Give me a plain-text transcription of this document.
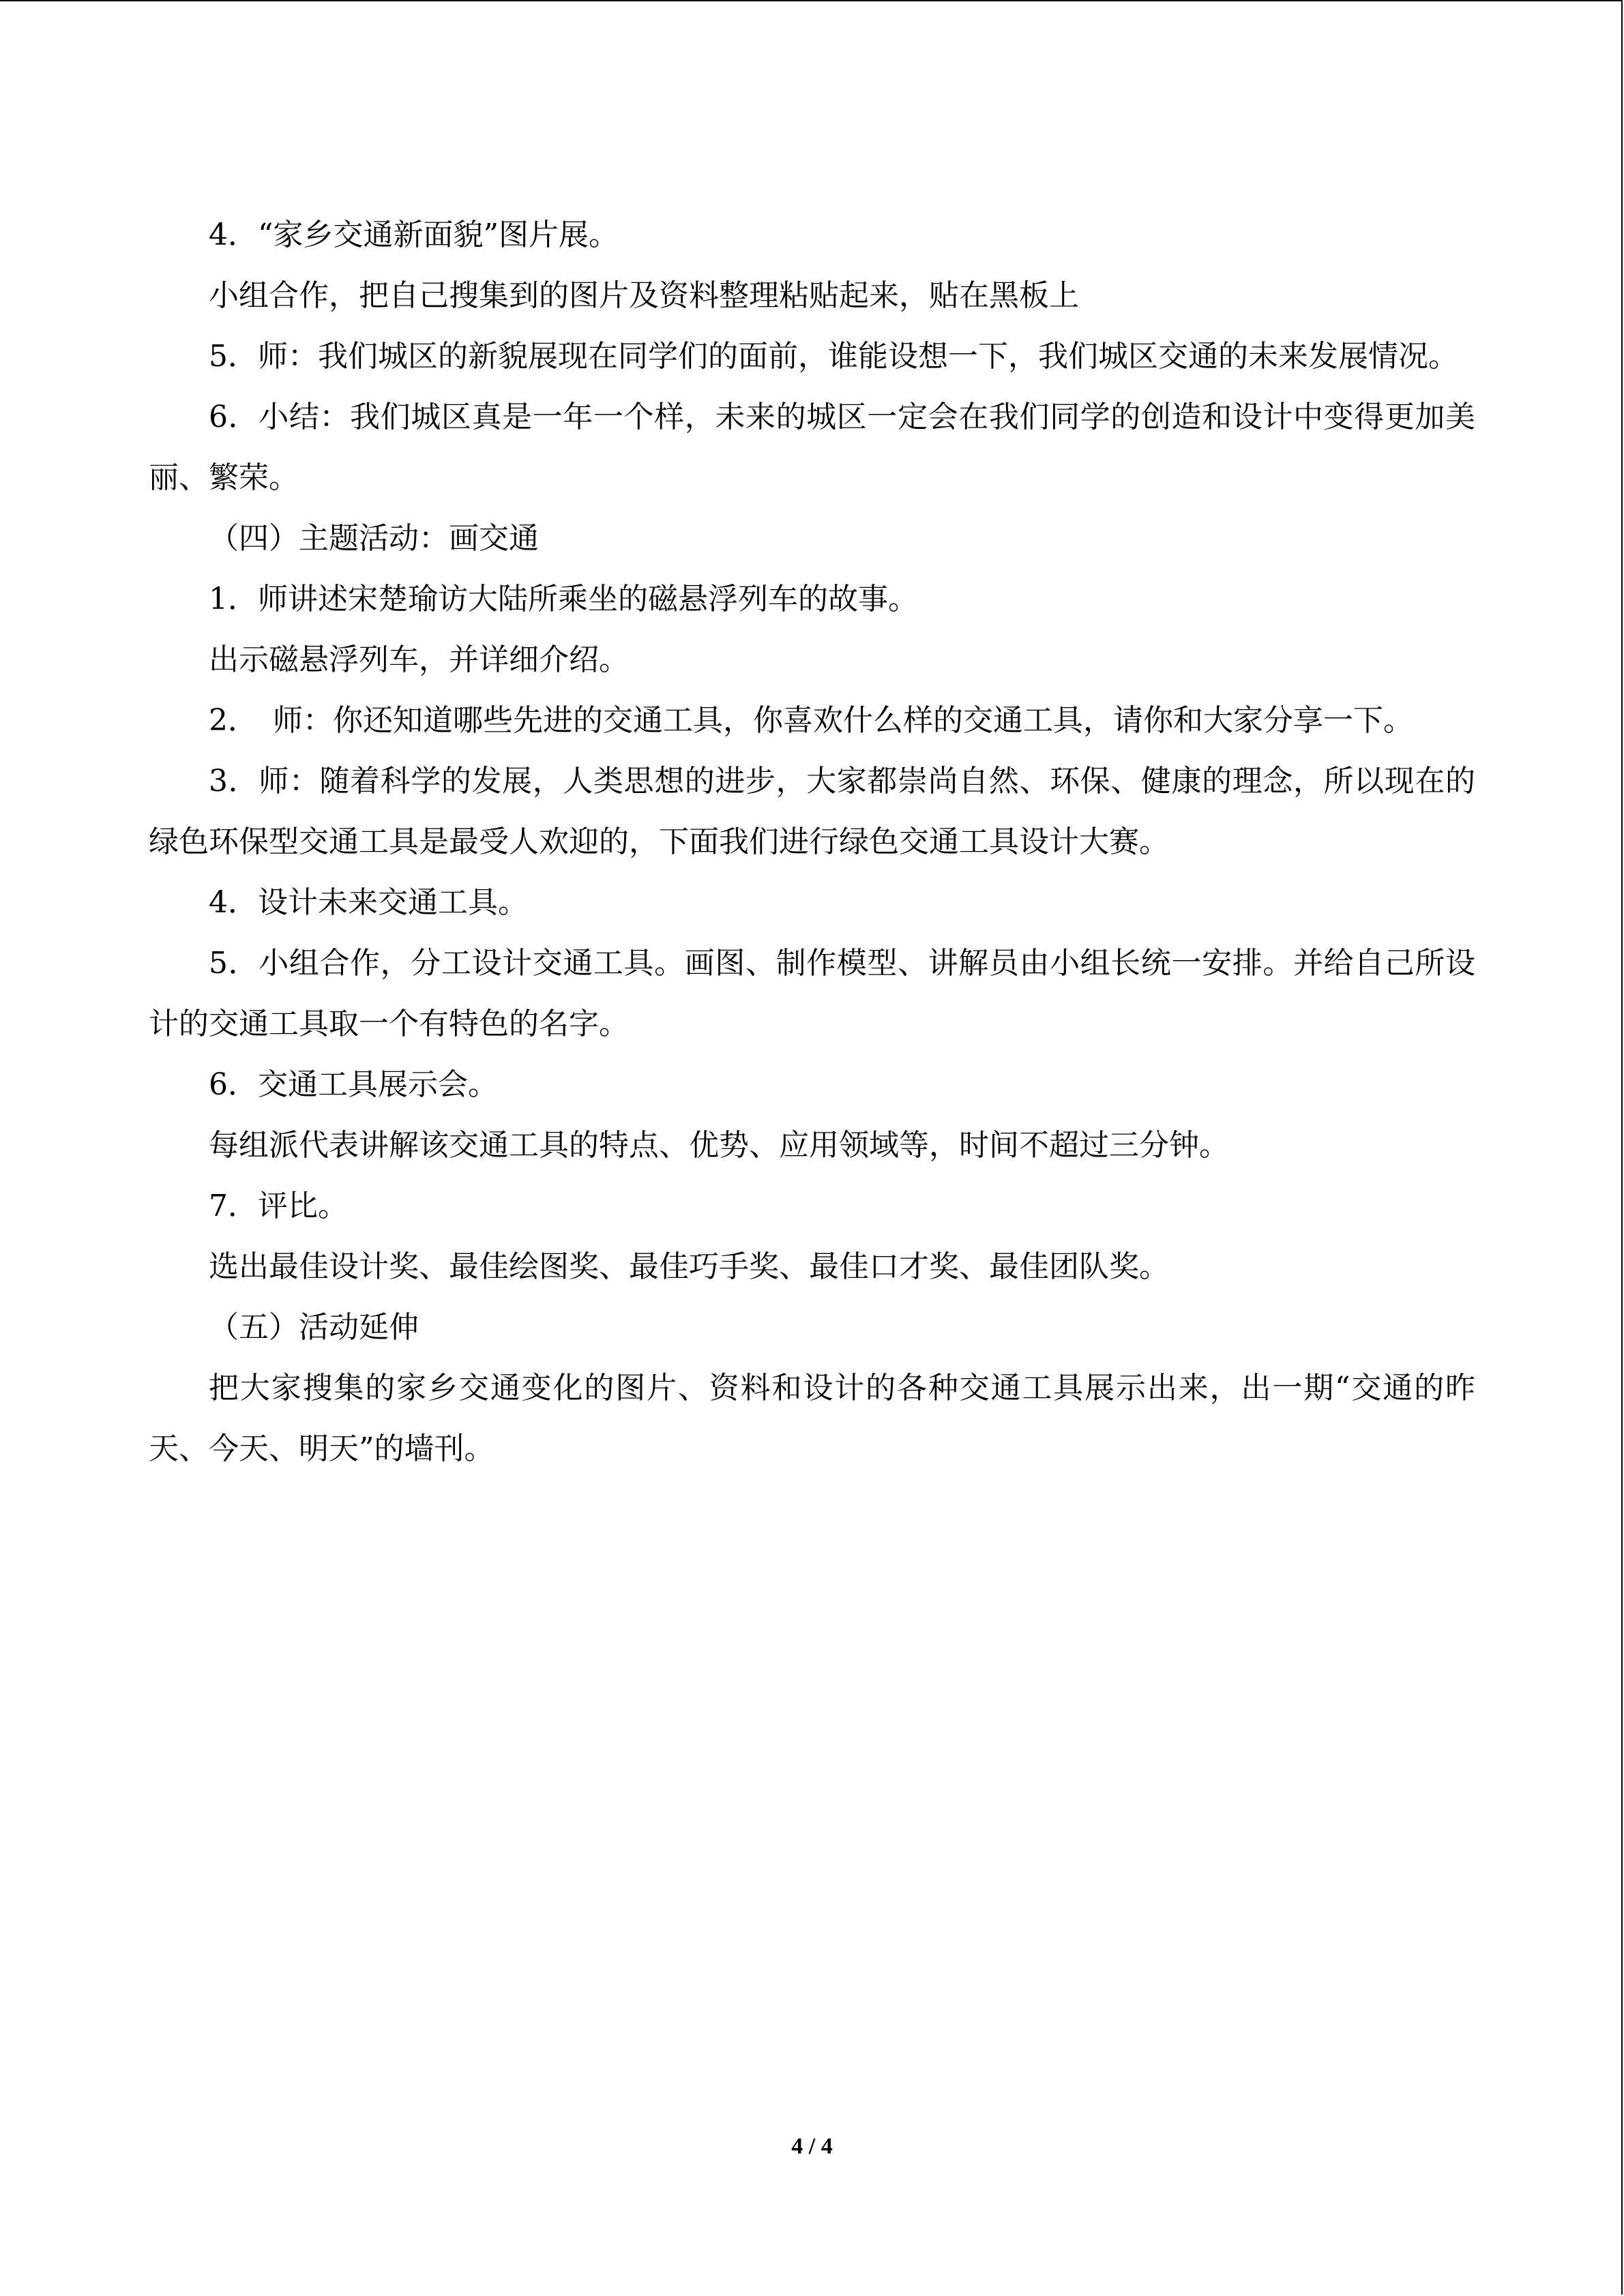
4．“家乡交通新面貌”图片展。

小组合作，把自己搜集到的图片及资料整理粘贴起来，贴在黑板上

5．师：我们城区的新貌展现在同学们的面前，谁能设想一下，我们城区交通的未来发展情况。

6．小结：我们城区真是一年一个样，未来的城区一定会在我们同学的创造和设计中变得更加美丽、繁荣。

（四）主题活动：画交通

1．师讲述宋楚瑜访大陆所乘坐的磁悬浮列车的故事。

出示磁悬浮列车，并详细介绍。

2．　师：你还知道哪些先进的交通工具，你喜欢什么样的交通工具，请你和大家分享一下。

3．师：随着科学的发展，人类思想的进步，大家都崇尚自然、环保、健康的理念，所以现在的绿色环保型交通工具是最受人欢迎的，下面我们进行绿色交通工具设计大赛。

4．设计未来交通工具。

5．小组合作，分工设计交通工具。画图、制作模型、讲解员由小组长统一安排。并给自己所设计的交通工具取一个有特色的名字。

6．交通工具展示会。

每组派代表讲解该交通工具的特点、优势、应用领域等，时间不超过三分钟。

7．评比。

选出最佳设计奖、最佳绘图奖、最佳巧手奖、最佳口才奖、最佳团队奖。

（五）活动延伸

把大家搜集的家乡交通变化的图片、资料和设计的各种交通工具展示出来，出一期“交通的昨天、今天、明天”的墙刊。

4 / 4
